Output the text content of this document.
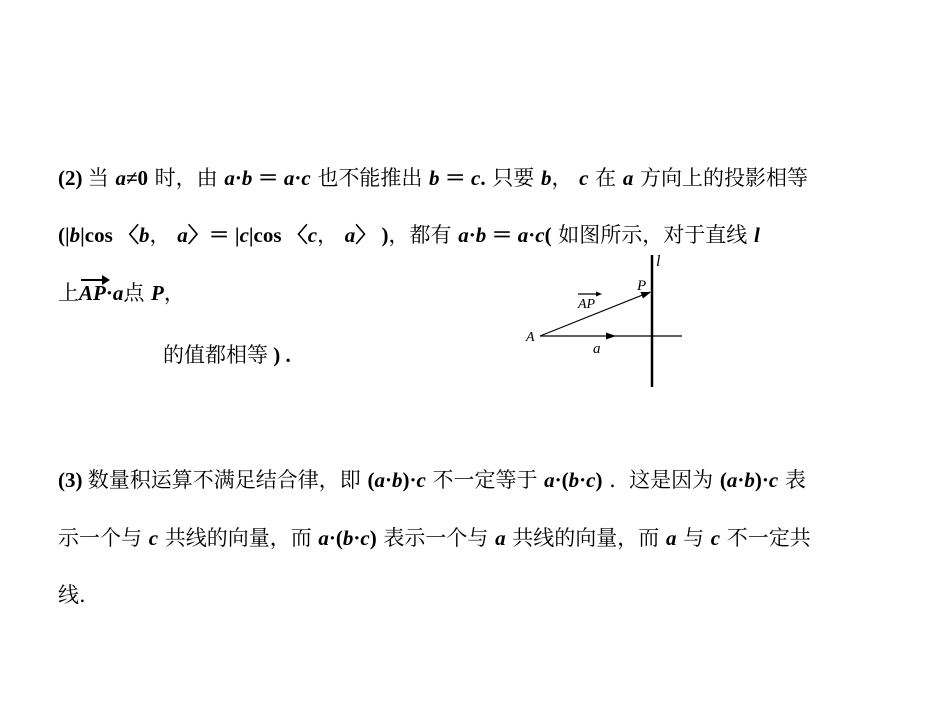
(2) 当 a≠0 时，由 a·b ＝ a·c 也不能推出 b ＝ c. 只要 b， c 在 a 方向上的投影相等
(|b|cos 〈b， a〉＝ |c|cos 〈c， a〉 )，都有 a·b ＝ a·c( 如图所示，对于直线 l
上AP·a点 P，
的值都相等 ) .
l
P
AP
A
a
(3) 数量积运算不满足结合律，即 (a·b)·c 不一定等于 a·(b·c) .  这是因为 (a·b)·c 表
示一个与 c 共线的向量，而 a·(b·c) 表示一个与 a 共线的向量，而 a 与 c 不一定共
线.
